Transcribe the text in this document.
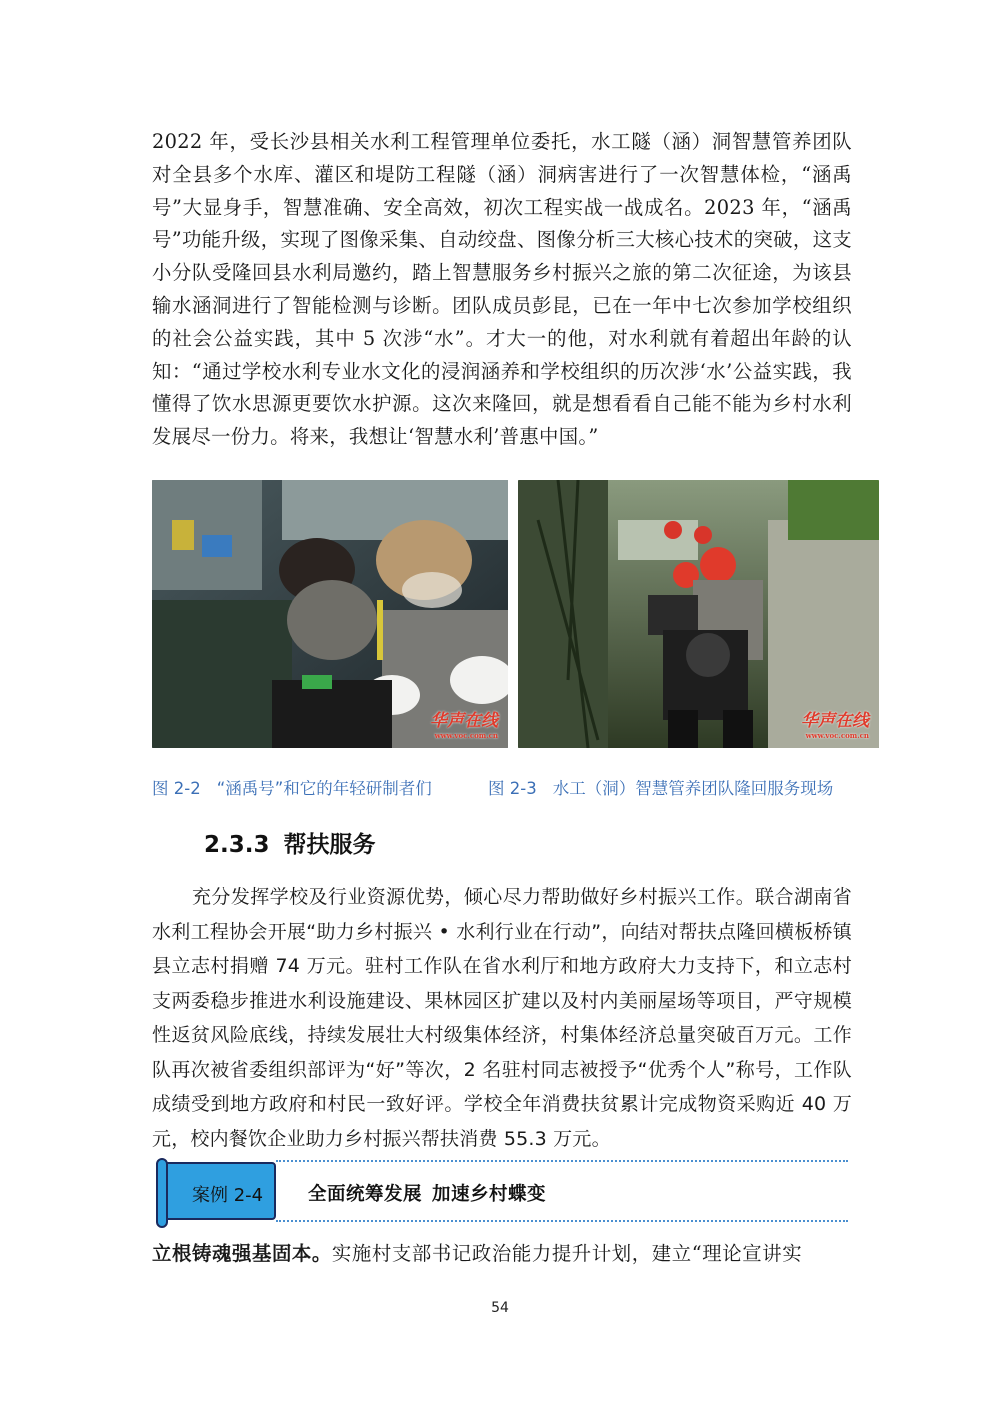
2022 年，受长沙县相关水利工程管理单位委托，水工隧（涵）洞智慧管养团队对全县多个水库、灌区和堤防工程隧（涵）洞病害进行了一次智慧体检，“涵禹号”大显身手，智慧准确、安全高效，初次工程实战一战成名。2023 年，“涵禹号”功能升级，实现了图像采集、自动绞盘、图像分析三大核心技术的突破，这支小分队受隆回县水利局邀约，踏上智慧服务乡村振兴之旅的第二次征途，为该县输水涵洞进行了智能检测与诊断。团队成员彭昆，已在一年中七次参加学校组织的社会公益实践，其中 5 次涉“水”。才大一的他，对水利就有着超出年龄的认知：“通过学校水利专业水文化的浸润涵养和学校组织的历次涉‘水’公益实践，我懂得了饮水思源更要饮水护源。这次来隆回，就是想看看自己能不能为乡村水利发展尽一份力。将来，我想让‘智慧水利’普惠中国。”

华声在线
www.voc.com.cn
华声在线
www.voc.com.cn
图 2-2 “涵禹号”和它的年轻研制者们	图 2-3 水工（洞）智慧管养团队隆回服务现场
2.3.3 帮扶服务

充分发挥学校及行业资源优势，倾心尽力帮助做好乡村振兴工作。联合湖南省水利工程协会开展“助力乡村振兴 • 水利行业在行动”，向结对帮扶点隆回横板桥镇县立志村捐赠 74 万元。驻村工作队在省水利厅和地方政府大力支持下，和立志村支两委稳步推进水利设施建设、果林园区扩建以及村内美丽屋场等项目，严守规模性返贫风险底线，持续发展壮大村级集体经济，村集体经济总量突破百万元。工作队再次被省委组织部评为“好”等次，2 名驻村同志被授予“优秀个人”称号，工作队成绩受到地方政府和村民一致好评。学校全年消费扶贫累计完成物资采购近 40 万元，校内餐饮企业助力乡村振兴帮扶消费 55.3 万元。

案例 2-4 全面统筹发展 加速乡村蝶变

立根铸魂强基固本。实施村支部书记政治能力提升计划，建立“理论宣讲实

54
